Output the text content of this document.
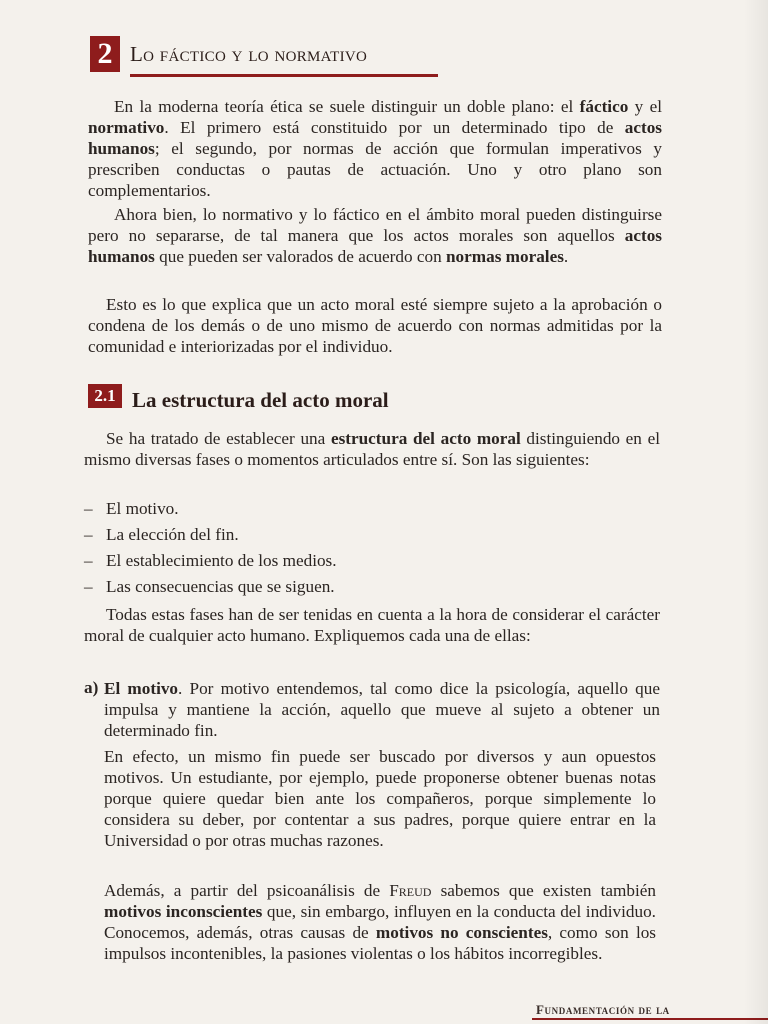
2 Lo fáctico y lo normativo

En la moderna teoría ética se suele distinguir un doble plano: el fáctico y el normativo. El primero está constituido por un determinado tipo de actos humanos; el segundo, por normas de acción que formulan imperativos y prescriben conductas o pautas de actuación. Uno y otro plano son complementarios.

Ahora bien, lo normativo y lo fáctico en el ámbito moral pueden distinguirse pero no separarse, de tal manera que los actos morales son aquellos actos humanos que pueden ser valorados de acuerdo con normas morales.

Esto es lo que explica que un acto moral esté siempre sujeto a la aprobación o condena de los demás o de uno mismo de acuerdo con normas admitidas por la comunidad e interiorizadas por el individuo.

2.1 La estructura del acto moral

Se ha tratado de establecer una estructura del acto moral distinguiendo en el mismo diversas fases o momentos articulados entre sí. Son las siguientes:

– El motivo.
– La elección del fin.
– El establecimiento de los medios.
– Las consecuencias que se siguen.

Todas estas fases han de ser tenidas en cuenta a la hora de considerar el carácter moral de cualquier acto humano. Expliquemos cada una de ellas:

a) El motivo. Por motivo entendemos, tal como dice la psicología, aquello que impulsa y mantiene la acción, aquello que mueve al sujeto a obtener un determinado fin.

En efecto, un mismo fin puede ser buscado por diversos y aun opuestos motivos. Un estudiante, por ejemplo, puede proponerse obtener buenas notas porque quiere quedar bien ante los compañeros, porque simplemente lo considera su deber, por contentar a sus padres, porque quiere entrar en la Universidad o por otras muchas razones.

Además, a partir del psicoanálisis de Freud sabemos que existen también motivos inconscientes que, sin embargo, influyen en la conducta del individuo. Conocemos, además, otras causas de motivos no conscientes, como son los impulsos incontenibles, la pasiones violentas o los hábitos incorregibles.

Fundamentación de la
